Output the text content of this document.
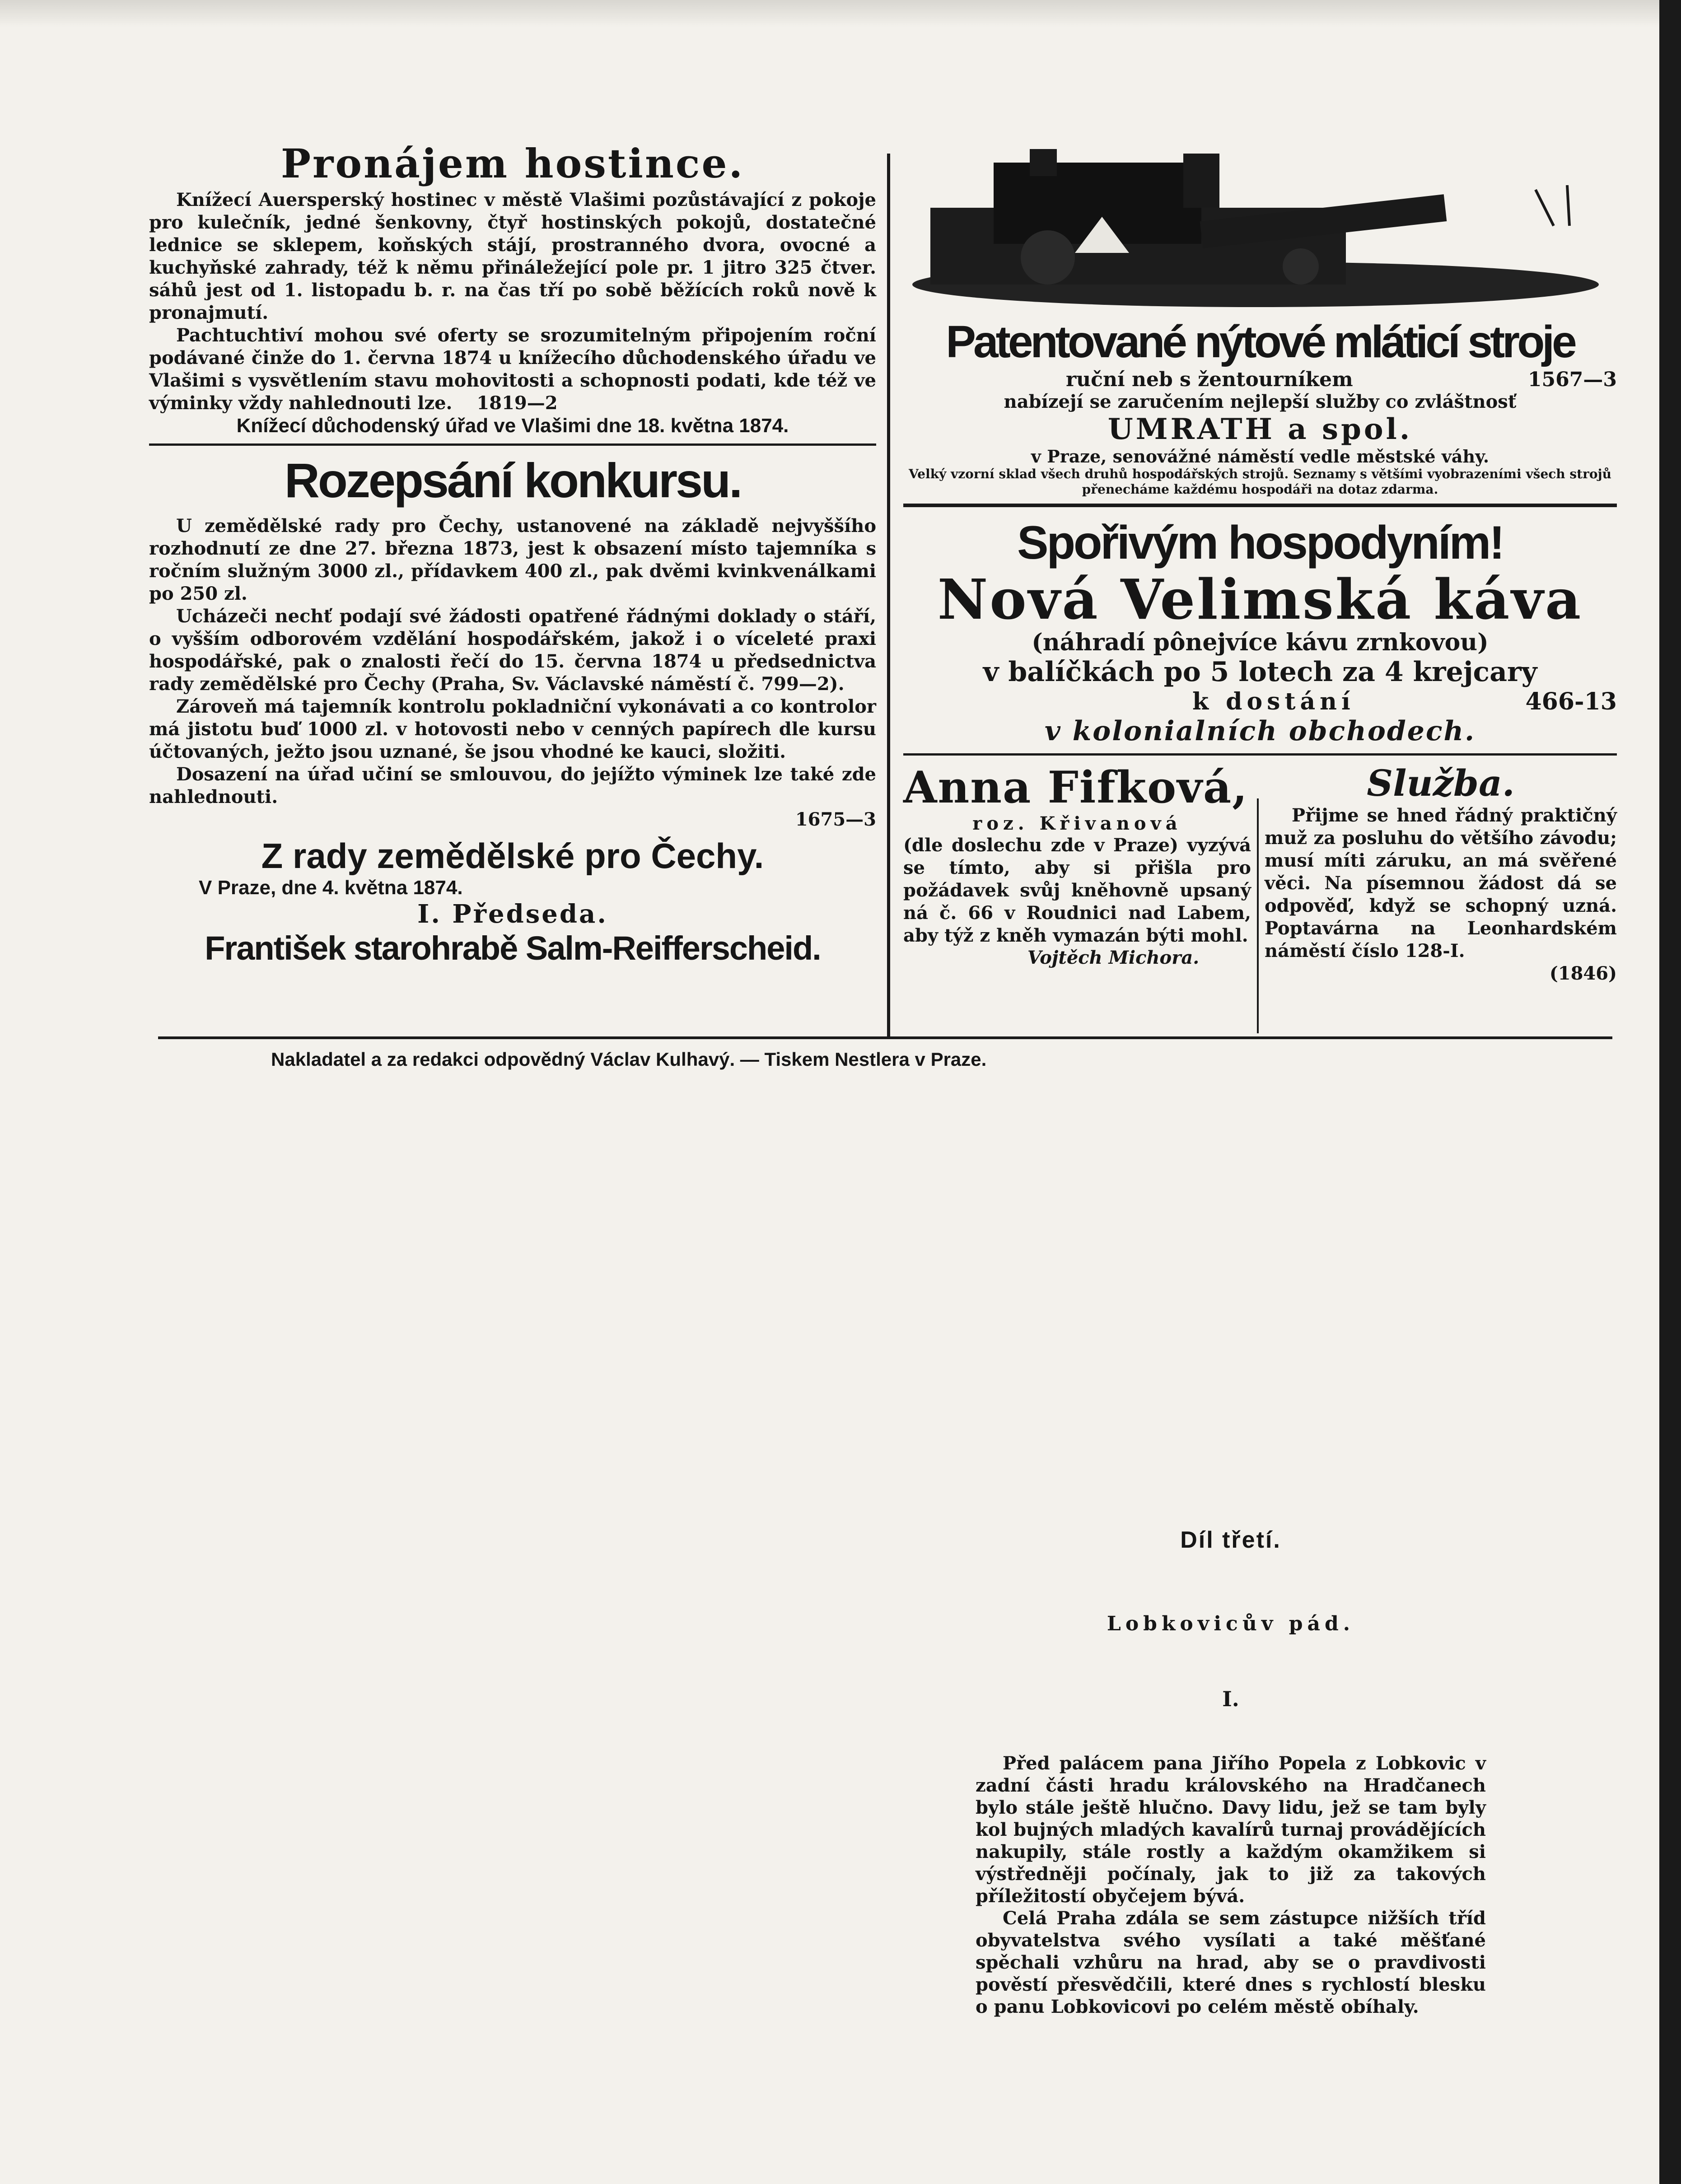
Pronájem hostince.

Knížecí Auersperský hostinec v městě Vlašimi pozůstávající z pokoje pro kulečník, jedné šenkovny, čtyř hostinských pokojů, dostatečné lednice se sklepem, koňských stájí, prostranného dvora, ovocné a kuchyňské zahrady, též k němu přináležející pole pr. 1 jitro 325 čtver. sáhů jest od 1. listopadu b. r. na čas tří po sobě běžících roků nově k pronajmutí.

Pachtuchtiví mohou své oferty se srozumitelným připojením roční podávané činže do 1. června 1874 u knížecího důchodenského úřadu ve Vlašimi s vysvětlením stavu mohovitosti a schopnosti podati, kde též ve výminky vždy nahlednouti lze. 1819—2

Knížecí důchodenský úřad ve Vlašimi dne 18. května 1874.
Rozepsání konkursu.

U zemědělské rady pro Čechy, ustanovené na základě nejvyššího rozhodnutí ze dne 27. března 1873, jest k obsazení místo tajemníka s ročním služným 3000 zl., přídavkem 400 zl., pak dvěmi kvinkvenálkami po 250 zl.

Ucházeči nechť podají své žádosti opatřené řádnými doklady o stáří, o vyšším odborovém vzdělání hospodářském, jakož i o víceleté praxi hospodářské, pak o znalosti řečí do 15. června 1874 u předsednictva rady zemědělské pro Čechy (Praha, Sv. Václavské náměstí č. 799—2).

Zároveň má tajemník kontrolu pokladniční vykonávati a co kontrolor má jistotu buď 1000 zl. v hotovosti nebo v cenných papírech dle kursu účtovaných, ježto jsou uznané, še jsou vhodné ke kauci, složiti.

Dosazení na úřad učiní se smlouvou, do jejížto výminek lze také zde nahlednouti.

1675—3

Z rady zemědělské pro Čechy.
V Praze, dne 4. května 1874.
I. Předseda.
František starohrabě Salm-Reifferscheid.
Patentované nýtové mláticí stroje
ruční neb s žentourníkem	1567—3
nabízejí se zaručením nejlepší služby co zvláštnosť
UMRATH a spol.
v Praze, senovážné náměstí vedle městské váhy.
Velký vzorní sklad všech druhů hospodářských strojů. Seznamy s většími vyobrazeními všech strojů přenecháme každému hospodáři na dotaz zdarma.
Spořivým hospodyním!
Nová Velimská káva
(náhradí pônejvíce kávu zrnkovou)
v balíčkách po 5 lotech za 4 krejcary
k dostání	466-13
v kolonialních obchodech.
Anna Fifková,
roz. Křivanová

(dle doslechu zde v Praze) vyzývá se tímto, aby si přišla pro požádavek svůj kněhovně upsaný ná č. 66 v Roudnici nad Labem, aby týž z kněh vymazán býti mohl.

Vojtěch Michora.
Služba.

Přijme se hned řádný praktičný muž za posluhu do většího závodu; musí míti záruku, an má svěřené věci. Na písemnou žádost dá se odpověď, když se schopný uzná. Poptavárna na Leonhardském náměstí číslo 128-I.

(1846)

Nakladatel a za redakci odpovědný Václav Kulhavý. — Tiskem Nestlera v Praze.
Díl třetí.
Lobkovicův pád.
I.

Před palácem pana Jiřího Popela z Lobkovic v zadní části hradu královského na Hradčanech bylo stále ještě hlučno. Davy lidu, jež se tam byly kol bujných mladých kavalírů turnaj provádějících nakupily, stále rostly a každým okamžikem si výstředněji počínaly, jak to již za takových příležitostí obyčejem bývá.

Celá Praha zdála se sem zástupce nižších tříd obyvatelstva svého vysílati a také měšťané spěchali vzhůru na hrad, aby se o pravdivosti pověstí přesvědčili, které dnes s rychlostí blesku o panu Lobkovicovi po celém městě obíhaly.
